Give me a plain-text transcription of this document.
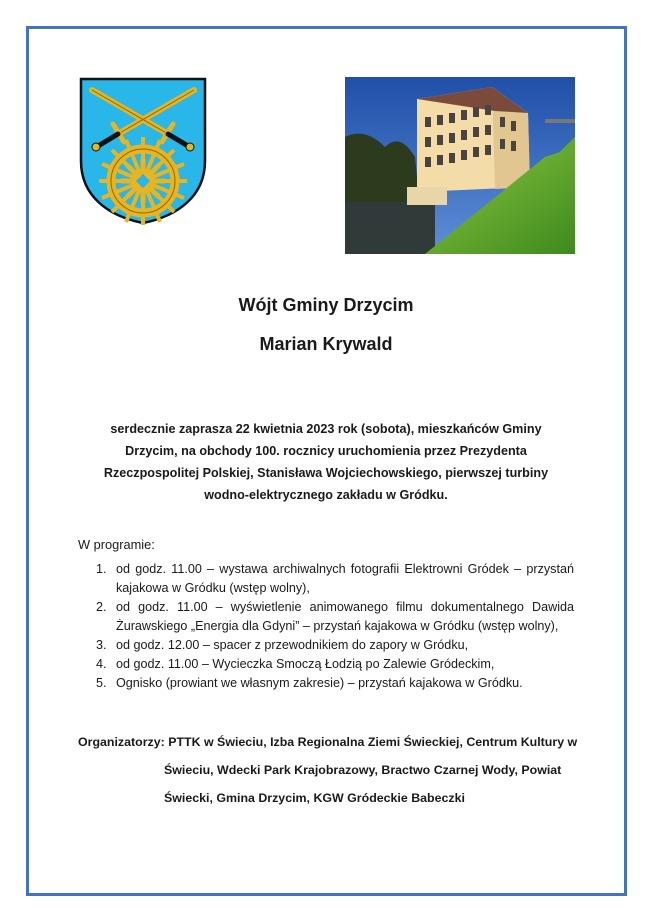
Wójt Gminy Drzycim
Marian Krywald
serdecznie zaprasza 22 kwietnia 2023 rok (sobota), mieszkańców Gminy
Drzycim, na obchody 100. rocznicy uruchomienia przez Prezydenta
Rzeczpospolitej Polskiej, Stanisława Wojciechowskiego, pierwszej turbiny
wodno-elektrycznego zakładu w Gródku.
W programie:
1. od godz. 11.00 – wystawa archiwalnych fotografii Elektrowni Gródek – przystań kajakowa w Gródku (wstęp wolny),
2. od godz. 11.00 – wyświetlenie animowanego filmu dokumentalnego Dawida Żurawskiego „Energia dla Gdyni” – przystań kajakowa w Gródku (wstęp wolny),
3. od godz. 12.00 – spacer z przewodnikiem do zapory w Gródku,
4. od godz. 11.00 – Wycieczka Smoczą Łodzią po Zalewie Gródeckim,
5. Ognisko (prowiant we własnym zakresie) – przystań kajakowa w Gródku.
Organizatorzy: PTTK w Świeciu, Izba Regionalna Ziemi Świeckiej, Centrum Kultury w
Świeciu, Wdecki Park Krajobrazowy, Bractwo Czarnej Wody, Powiat
Świecki, Gmina Drzycim, KGW Gródeckie Babeczki
